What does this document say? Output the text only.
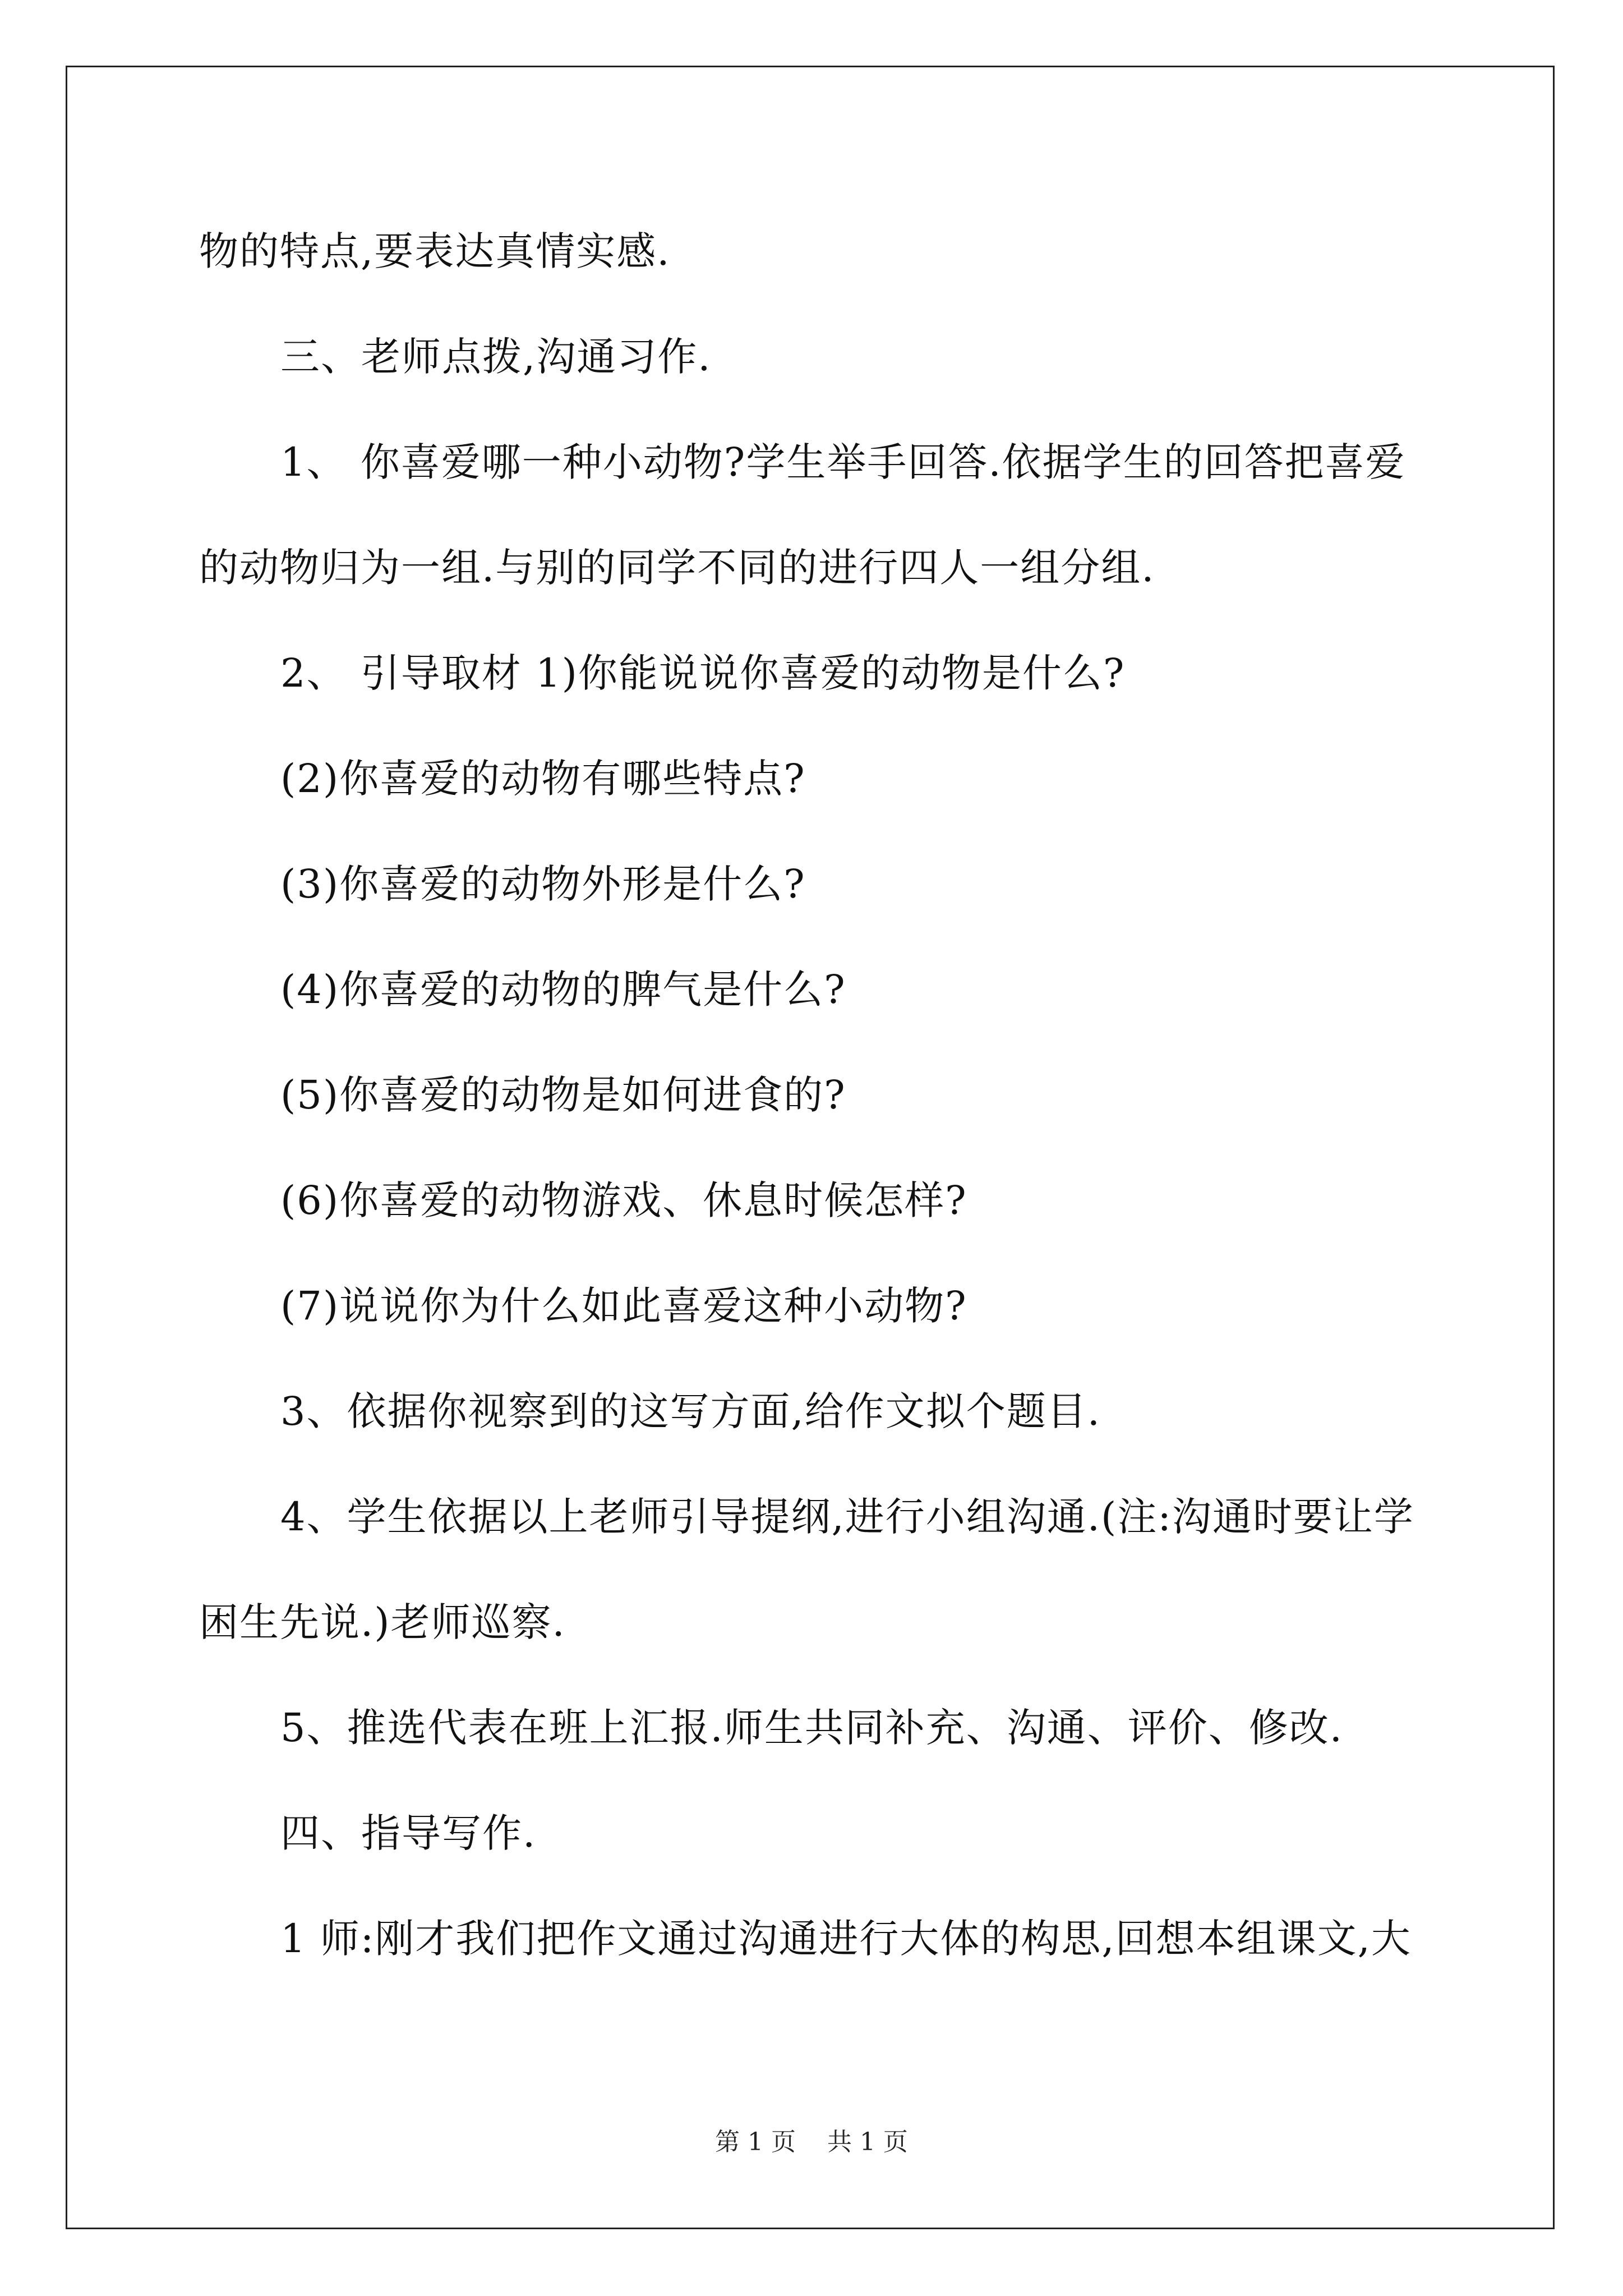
物的特点,要表达真情实感.

三、老师点拨,沟通习作.

1、 你喜爱哪一种小动物?学生举手回答.依据学生的回答把喜爱

的动物归为一组.与别的同学不同的进行四人一组分组.

2、 引导取材 1)你能说说你喜爱的动物是什么?

(2)你喜爱的动物有哪些特点?

(3)你喜爱的动物外形是什么?

(4)你喜爱的动物的脾气是什么?

(5)你喜爱的动物是如何进食的?

(6)你喜爱的动物游戏、休息时候怎样?

(7)说说你为什么如此喜爱这种小动物?

3、依据你视察到的这写方面,给作文拟个题目.

4、学生依据以上老师引导提纲,进行小组沟通.(注:沟通时要让学

困生先说.)老师巡察.

5、推选代表在班上汇报.师生共同补充、沟通、评价、修改.

四、指导写作.

1 师:刚才我们把作文通过沟通进行大体的构思,回想本组课文,大

第 1 页    共 1 页
